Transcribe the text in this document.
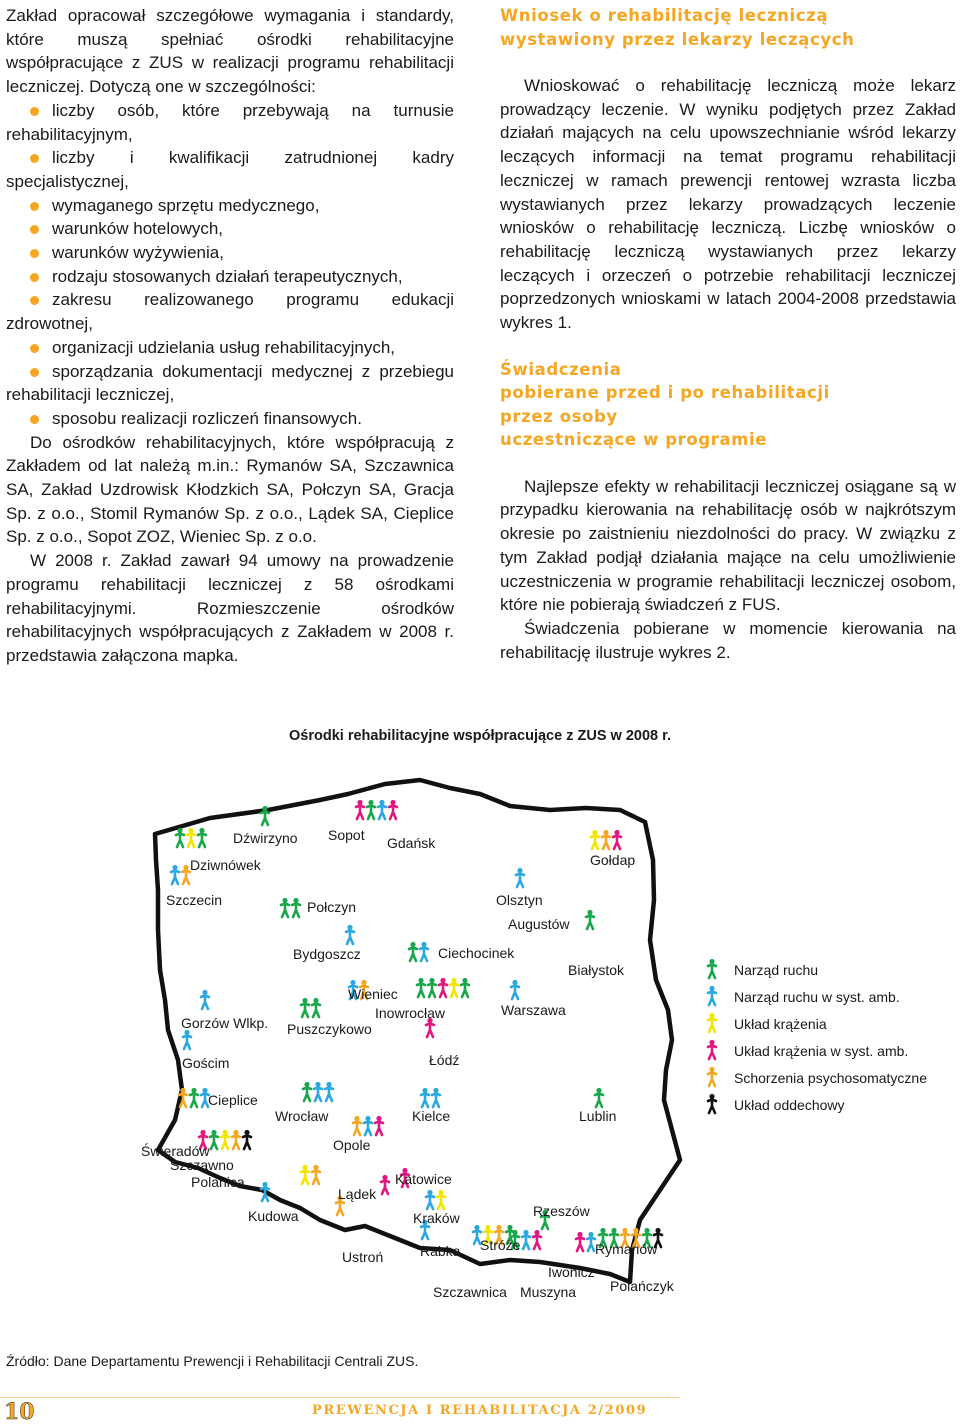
Zakład opracował szczegółowe wymagania i standardy, które muszą spełniać ośrodki rehabilitacyjne współpracujące z ZUS w realizacji programu rehabilitacji leczniczej. Dotyczą one w szczególności:

liczby osób, które przebywają na turnusie rehabilitacyjnym,
liczby i kwalifikacji zatrudnionej kadry specjalistycznej,
wymaganego sprzętu medycznego,
warunków hotelowych,
warunków wyżywienia,
rodzaju stosowanych działań terapeutycznych,
zakresu realizowanego programu edukacji zdrowotnej,
organizacji udzielania usług rehabilitacyjnych,
sporządzania dokumentacji medycznej z przebiegu rehabilitacji leczniczej,
sposobu realizacji rozliczeń finansowych.

Do ośrodków rehabilitacyjnych, które współpracują z Zakładem od lat należą m.in.: Rymanów SA, Szczawnica SA, Zakład Uzdrowisk Kłodzkich SA, Połczyn SA, Gracja Sp. z o.o., Stomil Rymanów Sp. z o.o., Lądek SA, Cieplice Sp. z o.o., Sopot ZOZ, Wieniec Sp. z o.o.

W 2008 r. Zakład zawarł 94 umowy na prowadzenie programu rehabilitacji leczniczej z 58 ośrodkami rehabilitacyjnymi. Rozmieszczenie ośrodków rehabilitacyjnych współpracujących z Zakładem w 2008 r. przedstawia załączona mapka.

Wniosek o rehabilitację leczniczą
wystawiony przez lekarzy leczących

Wnioskować o rehabilitację leczniczą może lekarz prowadzący leczenie. W wyniku podjętych przez Zakład działań mających na celu upowszechnianie wśród lekarzy leczących informacji na temat programu rehabilitacji leczniczej w ramach prewencji rentowej wzrasta liczba wystawianych przez lekarzy prowadzących leczenie wniosków o rehabilitację leczniczą. Liczbę wniosków o rehabilitację leczniczą wystawianych przez lekarzy leczących i orzeczeń o potrzebie rehabilitacji leczniczej poprzedzonych wnioskami w latach 2004-2008 przedstawia wykres 1.

Świadczenia
pobierane przed i po rehabilitacji
przez osoby
uczestniczące w programie

Najlepsze efekty w rehabilitacji leczniczej osiągane są w przypadku kierowania na rehabilitację osób w najkrótszym okresie po zaistnieniu niezdolności do pracy. W związku z tym Zakład podjął działania mające na celu umożliwienie uczestniczenia w programie rehabilitacji leczniczej osobom, które nie pobierają świadczeń z FUS.

Świadczenia pobierane w momencie kierowania na rehabilitację ilustruje wykres 2.

Ośrodki rehabilitacyjne współpracujące z ZUS w 2008 r.
Dźwirzyno Sopot Gdańsk
Gołdap
Dziwnówek
Szczecin	Połczyn	Olsztyn
Augustów
Bydgoszcz	Ciechocinek
Białystok
Wieniec
Inowrocław	Warszawa
Gorzów Wlkp. Puszczykowo
Gościm	Łódź
Cieplice
Wrocław	Kielce	Lublin
Opole
Świeradów
Szczawno
Polanica	Katowice
Lądek
Kudowa	Kraków	Rzeszów
Stróże	Rymanów
Ustroń	Rabka
Iwonicz
Polańczyk
Szczawnica Muszyna
Narząd ruchu
Narząd ruchu w syst. amb.
Układ krążenia
Układ krążenia w syst. amb.
Schorzenia psychosomatyczne
Układ oddechowy
Źródło: Dane Departamentu Prewencji i Rehabilitacji Centrali ZUS.
10	PREWENCJA I REHABILITACJA 2/2009
